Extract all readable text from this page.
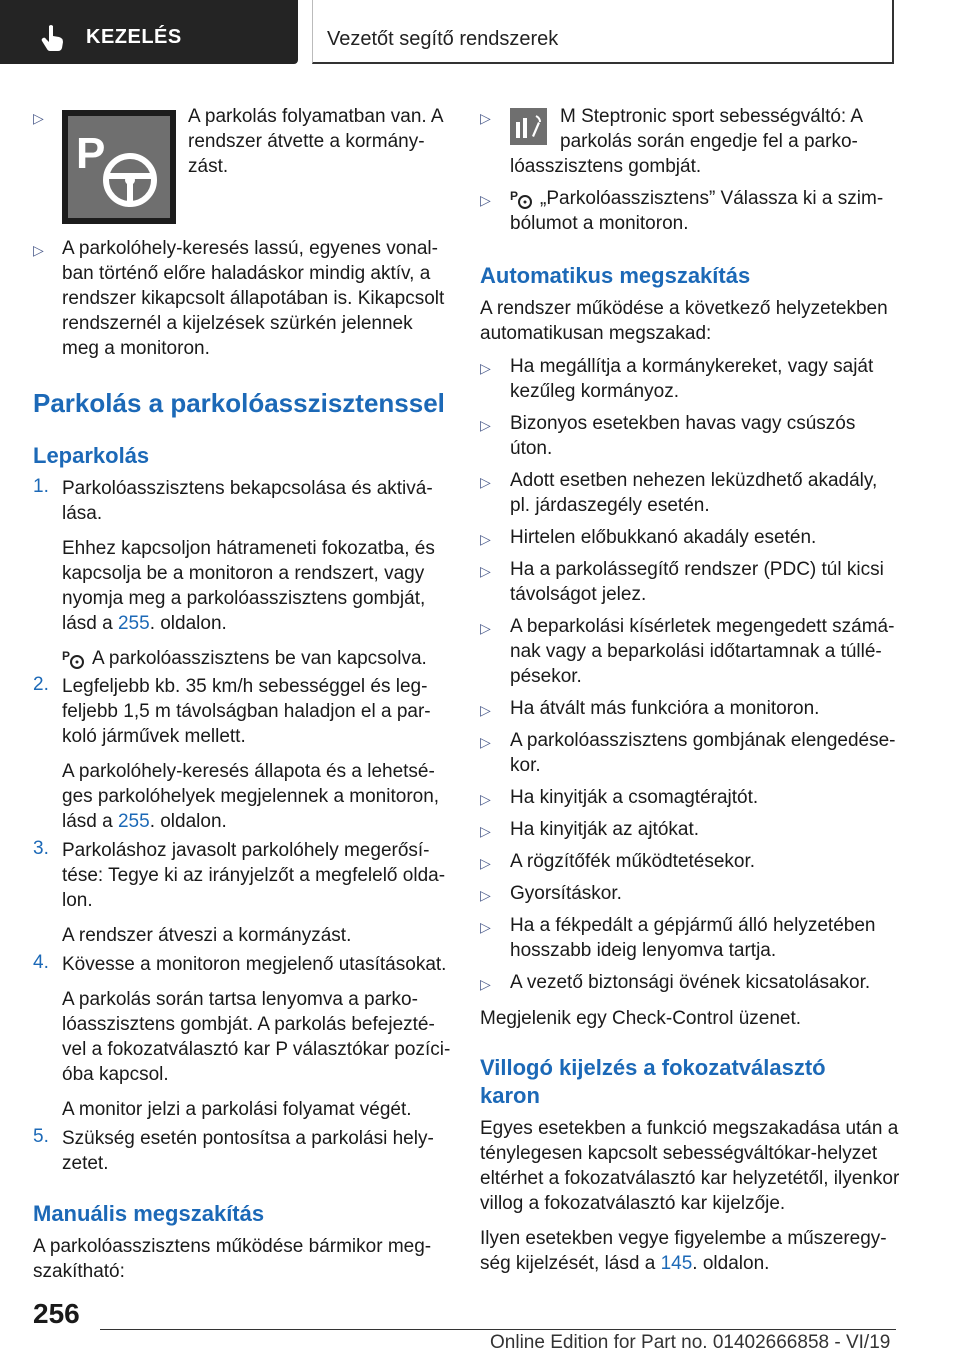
KEZELÉS	Vezetőt segítő rendszerek
P
▷	A parkolás folyamatban van. A
rendszer átvette a kormány-
zást.
▷ A parkolóhely-keresés lassú, egyenes vonal-
ban történő előre haladáskor mindig aktív, a
rendszer kikapcsolt állapotában is. Kikapcsolt
rendszernél a kijelzések szürkén jelennek
meg a monitoron.
Parkolás a parkolóasszisztenssel
Leparkolás
1. Parkolóasszisztens bekapcsolása és aktivá-
lása.
Ehhez kapcsoljon hátrameneti fokozatba, és
kapcsolja be a monitoron a rendszert, vagy
nyomja meg a parkolóasszisztens gombját,
lásd a 255. oldalon.
P A parkolóasszisztens be van kapcsolva.
2. Legfeljebb kb. 35 km/h sebességgel és leg-
feljebb 1,5 m távolságban haladjon el a par-
koló járművek mellett.
A parkolóhely-keresés állapota és a lehetsé-
ges parkolóhelyek megjelennek a monitoron,
lásd a 255. oldalon.
3. Parkoláshoz javasolt parkolóhely megerősí-
tése: Tegye ki az irányjelzőt a megfelelő olda-
lon.
A rendszer átveszi a kormányzást.
4. Kövesse a monitoron megjelenő utasításokat.
A parkolás során tartsa lenyomva a parko-
lóasszisztens gombját. A parkolás befejezté-
vel a fokozatválasztó kar P választókar pozíci-
óba kapcsol.
A monitor jelzi a parkolási folyamat végét.
5. Szükség esetén pontosítsa a parkolási hely-
zetet.
Manuális megszakítás
A parkolóasszisztens működése bármikor meg-
szakítható:
▷	M Steptronic sport sebességváltó: A
parkolás során engedje fel a parko-
lóasszisztens gombját.
▷ P „Parkolóasszisztens” Válassza ki a szim-
bólumot a monitoron.
Automatikus megszakítás
A rendszer működése a következő helyzetekben
automatikusan megszakad:
▷ Ha megállítja a kormánykereket, vagy saját
kezűleg kormányoz.
▷ Bizonyos esetekben havas vagy csúszós
úton.
▷ Adott esetben nehezen leküzdhető akadály,
pl. járdaszegély esetén.
▷ Hirtelen előbukkanó akadály esetén.
▷ Ha a parkolássegítő rendszer (PDC) túl kicsi
távolságot jelez.
▷ A beparkolási kísérletek megengedett számá-
nak vagy a beparkolási időtartamnak a túllé-
pésekor.
▷ Ha átvált más funkcióra a monitoron.
▷ A parkolóasszisztens gombjának elengedése-
kor.
▷ Ha kinyitják a csomagtérajtót.
▷ Ha kinyitják az ajtókat.
▷ A rögzítőfék működtetésekor.
▷ Gyorsításkor.
▷ Ha a fékpedált a gépjármű álló helyzetében
hosszabb ideig lenyomva tartja.
▷ A vezető biztonsági övének kicsatolásakor.
Megjelenik egy Check-Control üzenet.
Villogó kijelzés a fokozatválasztó
karon
Egyes esetekben a funkció megszakadása után a
ténylegesen kapcsolt sebességváltókar-helyzet
eltérhet a fokozatválasztó kar helyzetétől, ilyenkor
villog a fokozatválasztó kar kijelzője.
Ilyen esetekben vegye figyelembe a műszeregy-
ség kijelzését, lásd a 145. oldalon.
256
Online Edition for Part no. 01402666858 - VI/19
